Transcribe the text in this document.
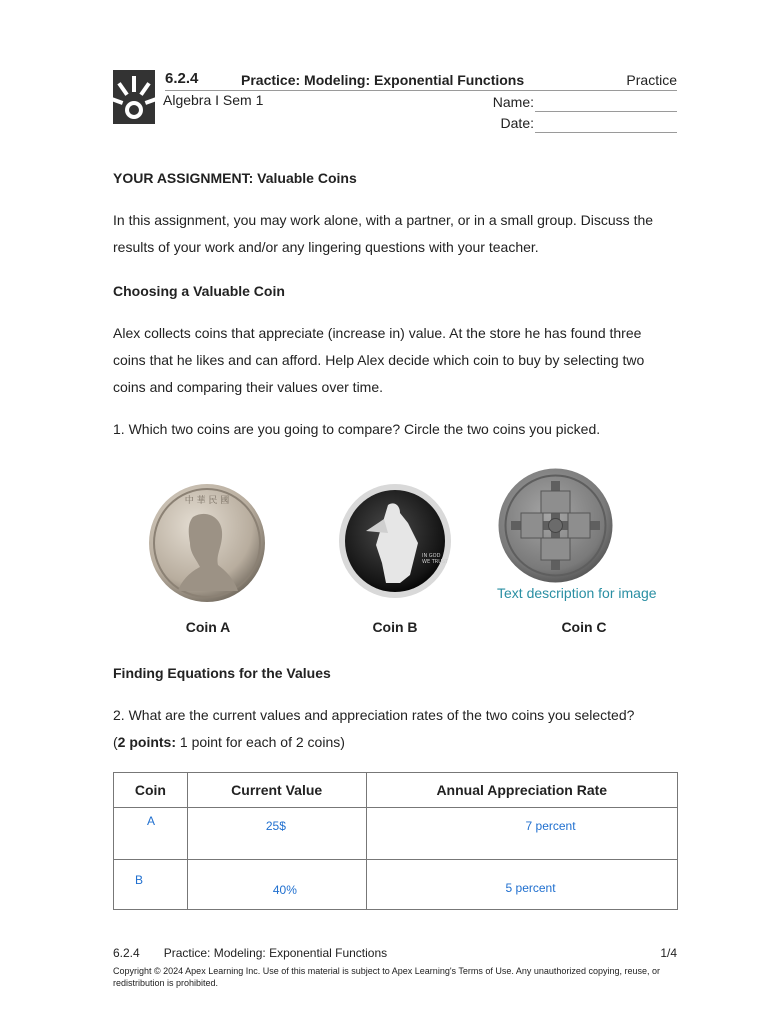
6.2.4	Practice: Modeling: Exponential Functions	Practice
Algebra I Sem 1	Name:
Date:
YOUR ASSIGNMENT: Valuable Coins
In this assignment, you may work alone, with a partner, or in a small group. Discuss the results of your work and/or any lingering questions with your teacher.
Choosing a Valuable Coin
Alex collects coins that appreciate (increase in) value. At the store he has found three coins that he likes and can afford. Help Alex decide which coin to buy by selecting two coins and comparing their values over time.
1. Which two coins are you going to compare? Circle the two coins you picked.
中 華 民 國
Coin A
IN GOD
WE TRUST
Coin B
Text description for image
Coin C
Finding Equations for the Values
2. What are the current values and appreciation rates of the two coins you selected?
(2 points: 1 point for each of 2 coins)
Coin	Current Value	Annual Appreciation Rate
A	25$	7 percent
B	40%	5 percent
6.2.4 Practice: Modeling: Exponential Functions	1/4
Copyright © 2024 Apex Learning Inc. Use of this material is subject to Apex Learning's Terms of Use. Any unauthorized copying, reuse, or redistribution is prohibited.
